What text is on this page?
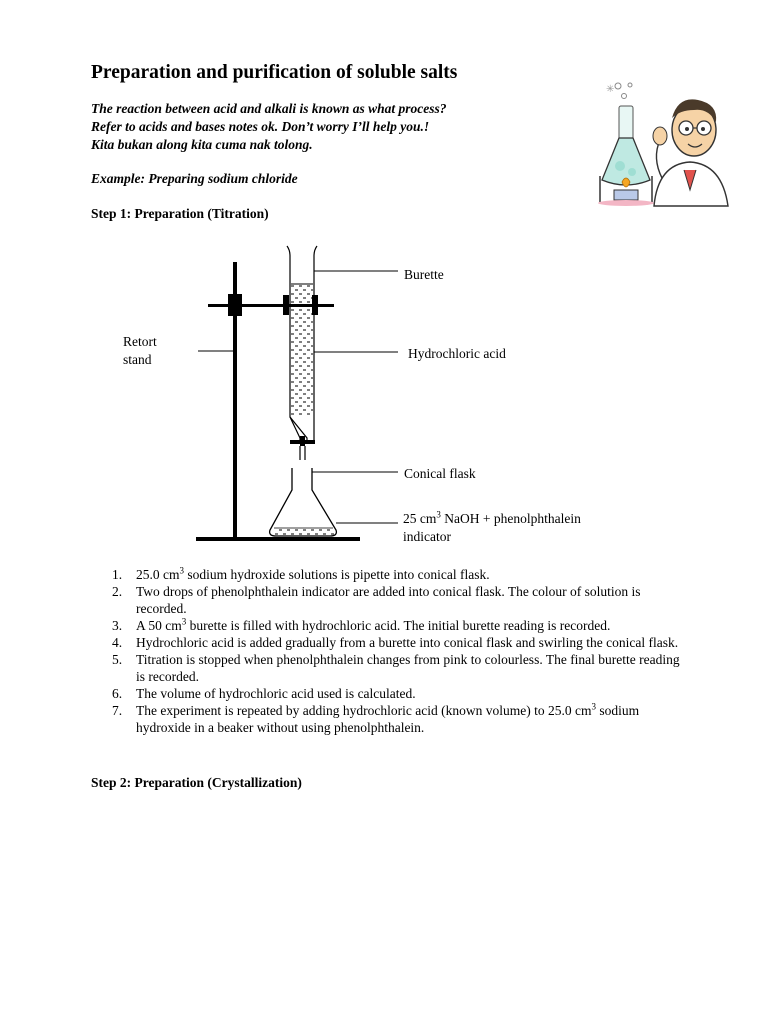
Preparation and purification of soluble salts
The reaction between acid and alkali is known as what process?
Refer to acids and bases notes ok. Don’t worry I’ll help you.!
Kita bukan along kita cuma nak tolong.
Example: Preparing sodium chloride
✳
Step 1: Preparation (Titration)
Burette
Hydrochloric acid
Retort
stand
Conical flask
25 $cm^3$ NaOH + phenolphthalein
indicator
1. 25.0 $cm^3$ sodium hydroxide solutions is pipette into conical flask.
2. Two drops of phenolphthalein indicator are added into conical flask. The colour of solution is recorded.
3. A 50 $cm^3$ burette is filled with hydrochloric acid. The initial burette reading is recorded.
4. Hydrochloric acid is added gradually from a burette into conical flask and swirling the conical flask.
5. Titration is stopped when phenolphthalein changes from pink to colourless. The final burette reading is recorded.
6. The volume of hydrochloric acid used is calculated.
7. The experiment is repeated by adding hydrochloric acid (known volume) to 25.0 $cm^3$ sodium hydroxide in a beaker without using phenolphthalein.
Step 2: Preparation (Crystallization)
